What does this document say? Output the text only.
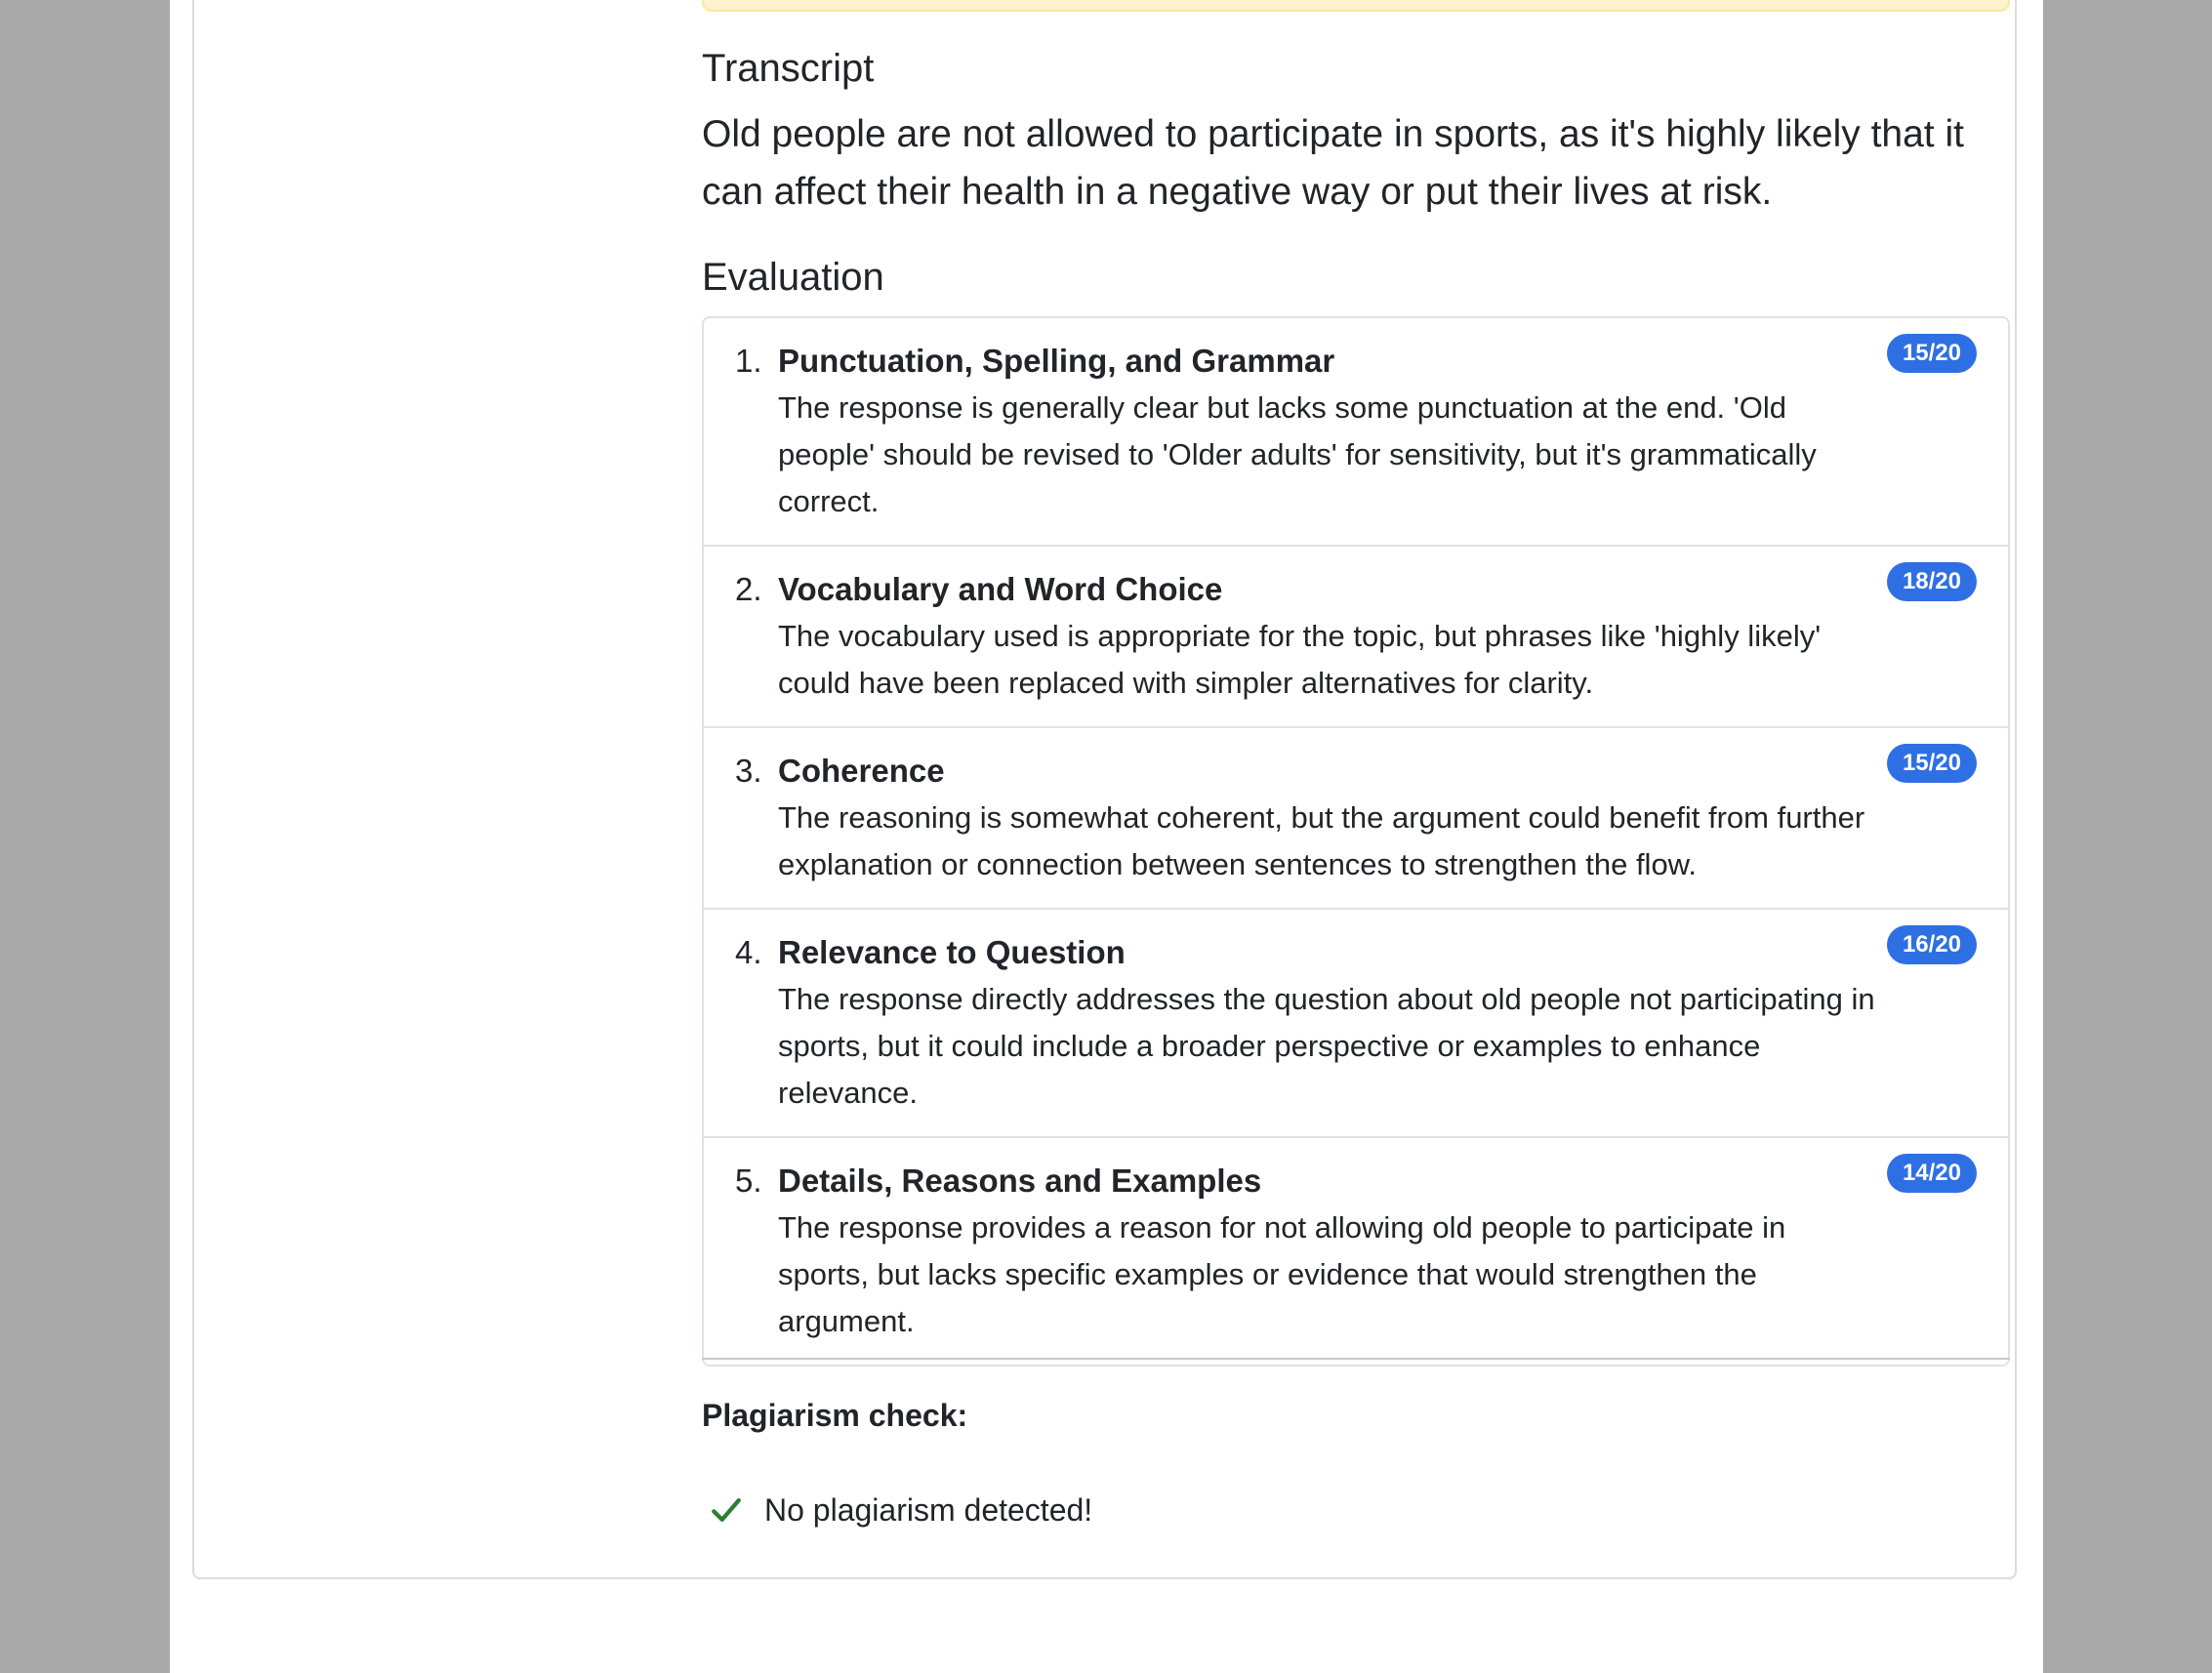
Transcript

Old people are not allowed to participate in sports, as it's highly likely that it can affect their health in a negative way or put their lives at risk.

Evaluation
1. Punctuation, Spelling, and Grammar
The response is generally clear but lacks some punctuation at the end. 'Old people' should be revised to 'Older adults' for sensitivity, but it's grammatically correct.
15/20
2. Vocabulary and Word Choice
The vocabulary used is appropriate for the topic, but phrases like 'highly likely' could have been replaced with simpler alternatives for clarity.
18/20
3. Coherence
The reasoning is somewhat coherent, but the argument could benefit from further explanation or connection between sentences to strengthen the flow.
15/20
4. Relevance to Question
The response directly addresses the question about old people not participating in sports, but it could include a broader perspective or examples to enhance relevance.
16/20
5. Details, Reasons and Examples
The response provides a reason for not allowing old people to participate in sports, but lacks specific examples or evidence that would strengthen the argument.
14/20
Plagiarism check:
No plagiarism detected!
